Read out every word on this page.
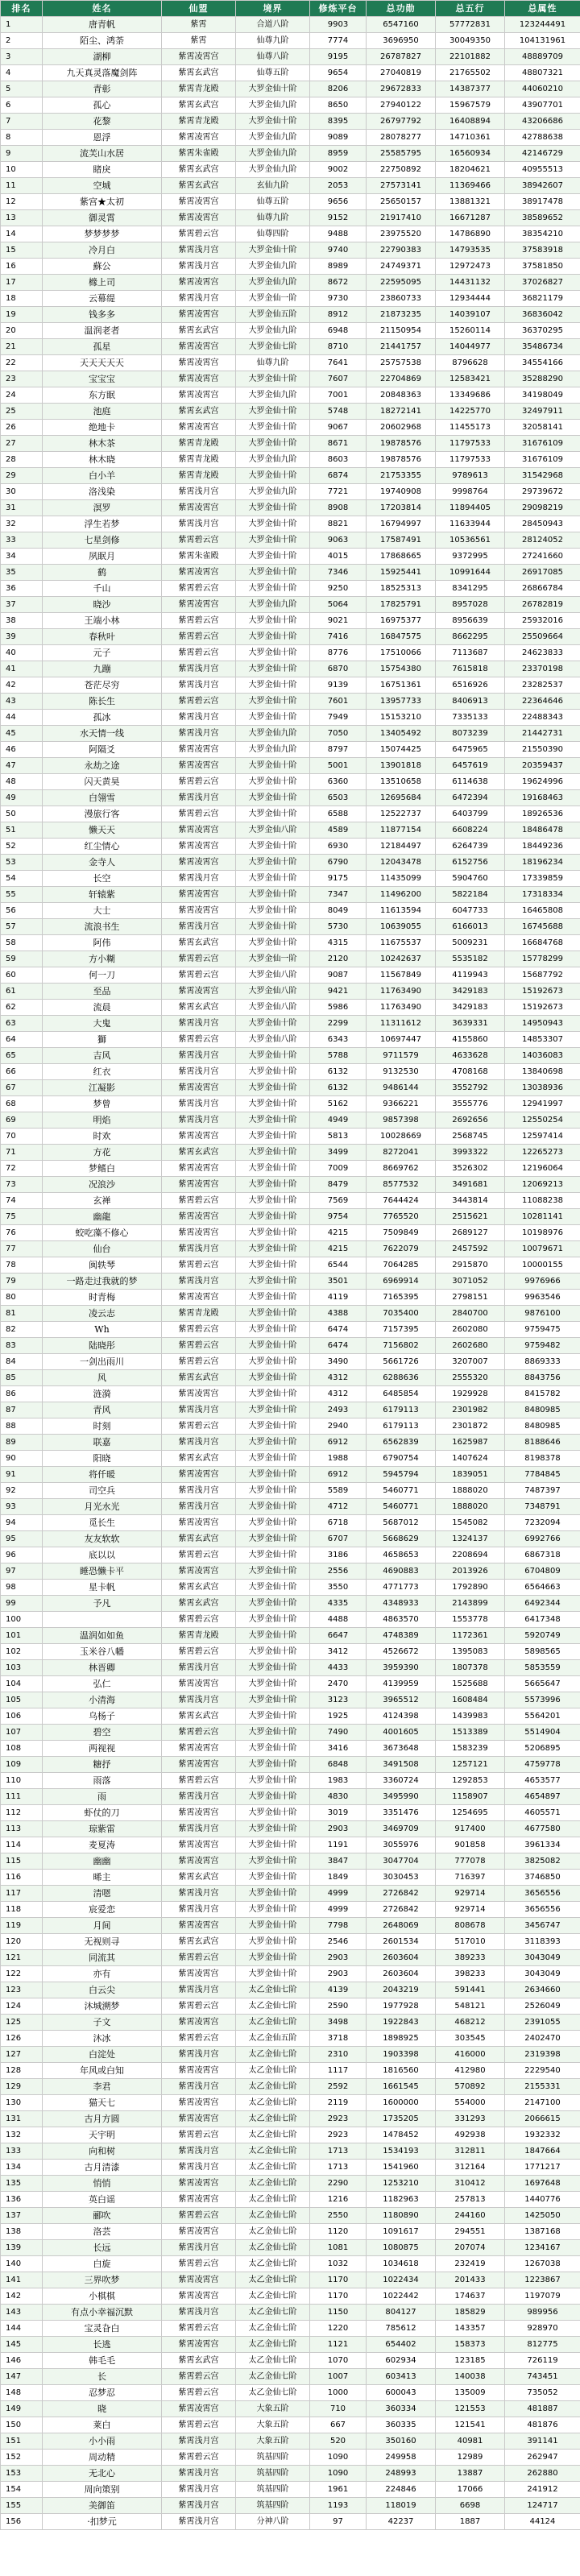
排名	姓名	仙盟	境界	修炼平台	总功勋	总五行	总属性
1	唐青帆	紫霄	合道八阶	9903	6547160	57772831	123244491
2	陌尘、鸿荼	紫霄	仙尊九阶	7774	3696950	30049350	104131961
3	湖柳	紫霄凌霄宫	仙尊八阶	9195	26787827	22101882	48889709
4	九天真灵落魔剑阵	紫霄玄武宫	仙尊五阶	9654	27040819	21765502	48807321
5	青彰	紫霄青龙殿	大罗金仙十阶	8206	29672833	14387377	44060210
6	孤心	紫霄玄武宫	大罗金仙九阶	8650	27940122	15967579	43907701
7	花黎	紫霄青龙殿	大罗金仙十阶	8395	26797792	16408894	43206686
8	恩浮	紫霄凌霄宫	大罗金仙九阶	9089	28078277	14710361	42788638
9	流芙山水居	紫霄朱雀殿	大罗金仙九阶	8959	25585795	16560934	42146729
10	睹戾	紫霄玄武宫	大罗金仙九阶	9002	22750892	18204621	40955513
11	空城	紫霄玄武宫	玄仙九阶	2053	27573141	11369466	38942607
12	紫宫★太初	紫霄凌霄宫	仙尊五阶	9656	25650157	13881321	38917478
13	御灵霄	紫霄凌霄宫	仙尊九阶	9152	21917410	16671287	38589652
14	梦梦梦梦	紫霄碧云宫	仙尊四阶	9488	23975520	14786890	38354210
15	冷月白	紫霄浅月宫	大罗金仙十阶	9740	22790383	14793535	37583918
16	蘇公	紫霄浅月宫	大罗金仙九阶	8989	24749371	12972473	37581850
17	橼上司	紫霄凌霄宫	大罗金仙九阶	8672	22595095	14431132	37026827
18	云幕缇	紫霄浅月宫	大罗金仙一阶	9730	23860733	12934444	36821179
19	钱多多	紫霄凌霄宫	大罗金仙五阶	8912	21873235	14039107	36836042
20	温润老者	紫霄玄武宫	大罗金仙九阶	6948	21150954	15260114	36370295
21	孤星	紫霄凌霄宫	大罗金仙七阶	8710	21441757	14044977	35486734
22	天天天天天	紫霄凌霄宫	仙尊九阶	7641	25757538	8796628	34554166
23	宝宝宝	紫霄凌霄宫	大罗金仙十阶	7607	22704869	12583421	35288290
24	东方眠	紫霄凌霄宫	大罗金仙九阶	7001	20848363	13349686	34198049
25	池庭	紫霄玄武宫	大罗金仙十阶	5748	18272141	14225770	32497911
26	绝地卡	紫霄凌霄宫	大罗金仙十阶	9067	20602968	11455173	32058141
27	林木茶	紫霄青龙殿	大罗金仙十阶	8671	19878576	11797533	31676109
28	林木晓	紫霄青龙殿	大罗金仙九阶	8603	19878576	11797533	31676109
29	白小羊	紫霄青龙殿	大罗金仙十阶	6874	21753355	9789613	31542968
30	洛浅染	紫霄浅月宫	大罗金仙九阶	7721	19740908	9998764	29739672
31	溟罗	紫霄凌霄宫	大罗金仙十阶	8908	17203814	11894405	29098219
32	浮生若梦	紫霄浅月宫	大罗金仙十阶	8821	16794997	11633944	28450943
33	七星剑修	紫霄碧云宫	大罗金仙十阶	9063	17587491	10536561	28124052
34	夙眠月	紫霄朱雀殿	大罗金仙十阶	4015	17868665	9372995	27241660
35	鹤	紫霄凌霄宫	大罗金仙十阶	7346	15925441	10991644	26917085
36	千山	紫霄碧云宫	大罗金仙十阶	9250	18525313	8341295	26866784
37	晓沙	紫霄凌霄宫	大罗金仙九阶	5064	17825791	8957028	26782819
38	王端小林	紫霄碧云宫	大罗金仙十阶	9021	16975377	8956639	25932016
39	春秋叶	紫霄碧云宫	大罗金仙十阶	7416	16847575	8662295	25509664
40	元子	紫霄碧云宫	大罗金仙十阶	8776	17510066	7113687	24623833
41	九蹦	紫霄浅月宫	大罗金仙十阶	6870	15754380	7615818	23370198
42	苍茫尽穷	紫霄浅月宫	大罗金仙十阶	9139	16751361	6516926	23282537
43	陈长生	紫霄碧云宫	大罗金仙十阶	7601	13957733	8406913	22364646
44	孤冰	紫霄浅月宫	大罗金仙十阶	7949	15153210	7335133	22488343
45	水天情一线	紫霄浅月宫	大罗金仙九阶	7050	13405492	8073239	21442731
46	阿隔爻	紫霄凌霄宫	大罗金仙九阶	8797	15074425	6475965	21550390
47	永劫之途	紫霄凌霄宫	大罗金仙十阶	5001	13901818	6457619	20359437
48	闪天黄昊	紫霄碧云宫	大罗金仙十阶	6360	13510658	6114638	19624996
49	白翎雪	紫霄浅月宫	大罗金仙十阶	6503	12695684	6472394	19168463
50	漫旅行客	紫霄碧云宫	大罗金仙十阶	6588	12522737	6403799	18926536
51	懒天天	紫霄凌霄宫	大罗金仙八阶	4589	11877154	6608224	18486478
52	红尘情心	紫霄凌霄宫	大罗金仙十阶	6930	12184497	6264739	18449236
53	金寺人	紫霄凌霄宫	大罗金仙十阶	6790	12043478	6152756	18196234
54	长空	紫霄浅月宫	大罗金仙十阶	9175	11435099	5904760	17339859
55	轩辕紫	紫霄凌霄宫	大罗金仙十阶	7347	11496200	5822184	17318334
56	大士	紫霄凌霄宫	大罗金仙十阶	8049	11613594	6047733	16465808
57	流浪书生	紫霄浅月宫	大罗金仙十阶	5730	10639055	6166013	16745688
58	阿伟	紫霄玄武宫	大罗金仙十阶	4315	11675537	5009231	16684768
59	方小糊	紫霄碧云宫	大罗金仙一阶	2120	10242637	5535182	15778299
60	何一刀	紫霄碧云宫	大罗金仙八阶	9087	11567849	4119943	15687792
61	至品	紫霄凌霄宫	大罗金仙八阶	9421	11763490	3429183	15192673
62	流晨	紫霄玄武宫	大罗金仙八阶	5986	11763490	3429183	15192673
63	大鬼	紫霄浅月宫	大罗金仙十阶	2299	11311612	3639331	14950943
64	獅	紫霄碧云宫	大罗金仙八阶	6343	10697447	4155860	14853307
65	吉风	紫霄浅月宫	大罗金仙十阶	5788	9711579	4633628	14036083
66	红衣	紫霄浅月宫	大罗金仙十阶	6132	9132530	4708168	13840698
67	江凝影	紫霄凌霄宫	大罗金仙十阶	6132	9486144	3552792	13038936
68	梦曾	紫霄浅月宫	大罗金仙十阶	5162	9366221	3555776	12941997
69	明焰	紫霄浅月宫	大罗金仙十阶	4949	9857398	2692656	12550254
70	时欢	紫霄凌霄宫	大罗金仙十阶	5813	10028669	2568745	12597414
71	方花	紫霄玄武宫	大罗金仙十阶	3499	8272041	3993322	12265273
72	梦鳍白	紫霄凌霄宫	大罗金仙十阶	7009	8669762	3526302	12196064
73	况浪沙	紫霄凌霄宫	大罗金仙十阶	8479	8577532	3491681	12069213
74	玄禅	紫霄碧云宫	大罗金仙十阶	7569	7644424	3443814	11088238
75	幽龍	紫霄凌霄宫	大罗金仙十阶	9754	7765520	2515621	10281141
76	蛟吃藻不修心	紫霄凌霄宫	大罗金仙十阶	4215	7509849	2689127	10198976
77	仙台	紫霄浅月宫	大罗金仙十阶	4215	7622079	2457592	10079671
78	闽轶琴	紫霄碧云宫	大罗金仙十阶	6544	7064285	2915870	10000155
79	一路走过我就的梦	紫霄浅月宫	大罗金仙十阶	3501	6969914	3071052	9976966
80	时青梅	紫霄凌霄宫	大罗金仙十阶	4119	7165395	2798151	9963546
81	凌云志	紫霄青龙殿	大罗金仙十阶	4388	7035400	2840700	9876100
82	Wh	紫霄碧云宫	大罗金仙十阶	6474	7157395	2602080	9759475
83	陆晓彤	紫霄碧云宫	大罗金仙十阶	6474	7156802	2602680	9759482
84	一剑出雨川	紫霄碧云宫	大罗金仙十阶	3490	5661726	3207007	8869333
85	风	紫霄玄武宫	大罗金仙十阶	4312	6288636	2555320	8843756
86	涟漪	紫霄凌霄宫	大罗金仙十阶	4312	6485854	1929928	8415782
87	青风	紫霄浅月宫	大罗金仙十阶	2493	6179113	2301982	8480985
88	时刻	紫霄碧云宫	大罗金仙十阶	2940	6179113	2301872	8480985
89	联嘉	紫霄浅月宫	大罗金仙十阶	6912	6562839	1625987	8188646
90	阳晓	紫霄玄武宫	大罗金仙十阶	1988	6790754	1407624	8198378
91	将仟暖	紫霄凌霄宫	大罗金仙十阶	6912	5945794	1839051	7784845
92	司空兵	紫霄浅月宫	大罗金仙十阶	5589	5460771	1888020	7487397
93	月光水光	紫霄浅月宫	大罗金仙十阶	4712	5460771	1888020	7348791
94	觅长生	紫霄凌霄宫	大罗金仙十阶	6718	5687012	1545082	7232094
95	友友软软	紫霄玄武宫	大罗金仙十阶	6707	5668629	1324137	6992766
96	底以以	紫霄碧云宫	大罗金仙十阶	3186	4658653	2208694	6867318
97	睡恐懒卡平	紫霄凌霄宫	大罗金仙十阶	2556	4690883	2013926	6704809
98	星卡帆	紫霄玄武宫	大罗金仙十阶	3550	4771773	1792890	6564663
99	予凡	紫霄玄武宫	大罗金仙十阶	4335	4348933	2143899	6492344
100		紫霄碧云宫	大罗金仙十阶	4488	4863570	1553778	6417348
101	温润如如鱼	紫霄青龙殿	大罗金仙十阶	6647	4748389	1172361	5920749
102	玉米谷八幡	紫霄碧云宫	大罗金仙十阶	3412	4526672	1395083	5898565
103	林晋卿	紫霄浅月宫	大罗金仙十阶	4433	3959390	1807378	5853559
104	弘仁	紫霄凌霄宫	大罗金仙十阶	2470	4139959	1525688	5665647
105	小清海	紫霄浅月宫	大罗金仙十阶	3123	3965512	1608484	5573996
106	乌杨子	紫霄玄武宫	大罗金仙十阶	1925	4124398	1439983	5564201
107	碧空	紫霄碧云宫	大罗金仙十阶	7490	4001605	1513389	5514904
108	两视视	紫霄凌霄宫	大罗金仙十阶	3416	3673648	1583239	5206895
109	糖抒	紫霄凌霄宫	大罗金仙十阶	6848	3491508	1257121	4759778
110	雨落	紫霄碧云宫	大罗金仙十阶	1983	3360724	1292853	4653577
111	雨	紫霄浅月宫	大罗金仙十阶	4830	3495990	1158907	4654897
112	虾仗的刀	紫霄凌霄宫	大罗金仙十阶	3019	3351476	1254695	4605571
113	琼紫雷	紫霄浅月宫	大罗金仙十阶	2903	3469709	917400	4677580
114	麦夏涛	紫霄凌霄宫	大罗金仙十阶	1191	3055976	901858	3961334
115	幽幽	紫霄凌霄宫	大罗金仙十阶	3847	3047704	777078	3825082
116	晞主	紫霄玄武宫	大罗金仙十阶	1849	3030453	716397	3746850
117	清嗯	紫霄浅月宫	大罗金仙十阶	4999	2726842	929714	3656556
118	宸爱恋	紫霄浅月宫	大罗金仙十阶	4999	2726842	929714	3656556
119	月间	紫霄凌霄宫	大罗金仙十阶	7798	2648069	808678	3456747
120	无视则寻	紫霄玄武宫	大罗金仙十阶	2546	2601534	517010	3118393
121	同流其	紫霄碧云宫	大罗金仙十阶	2903	2603604	389233	3043049
122	亦有	紫霄凌霄宫	大罗金仙十阶	2903	2603604	398233	3043049
123	白云尖	紫霄浅月宫	太乙金仙七阶	4139	2043219	591441	2634660
124	沐城溯梦	紫霄碧云宫	太乙金仙七阶	2590	1977928	548121	2526049
125	子文	紫霄凌霄宫	太乙金仙七阶	3498	1922843	468212	2391055
126	沐冰	紫霄碧云宫	太乙金仙五阶	3718	1898925	303545	2402470
127	白淀处	紫霄浅月宫	太乙金仙七阶	2310	1903398	416000	2319398
128	年风或白知	紫霄凌霄宫	太乙金仙七阶	1117	1816560	412980	2229540
129	李君	紫霄浅月宫	太乙金仙七阶	2592	1661545	570892	2155331
130	猫天七	紫霄凌霄宫	太乙金仙七阶	2119	1600000	554000	2147100
131	古月方圆	紫霄凌霄宫	太乙金仙七阶	2923	1735205	331293	2066615
132	天宇明	紫霄碧云宫	太乙金仙七阶	2923	1478452	492938	1932332
133	向和树	紫霄浅月宫	太乙金仙七阶	1713	1534193	312811	1847664
134	古月清漆	紫霄浅月宫	太乙金仙七阶	1713	1541960	312164	1771217
135	悄悄	紫霄凌霄宫	太乙金仙七阶	2290	1253210	310412	1697648
136	英白谣	紫霄凌霄宫	太乙金仙七阶	1216	1182963	257813	1440776
137	郦吹	紫霄碧云宫	太乙金仙七阶	2550	1180890	244160	1425050
138	洛芸	紫霄凌霄宫	太乙金仙七阶	1120	1091617	294551	1387168
139	长远	紫霄浅月宫	太乙金仙七阶	1081	1080875	207074	1234167
140	白旋	紫霄碧云宫	太乙金仙七阶	1032	1034618	232419	1267038
141	三界吹梦	紫霄凌霄宫	太乙金仙七阶	1170	1022434	201433	1223867
142	小棋棋	紫霄凌霄宫	太乙金仙七阶	1170	1022442	174637	1197079
143	有点小幸福沉默	紫霄浅月宫	太乙金仙七阶	1150	804127	185829	989956
144	宝灵旮白	紫霄碧云宫	太乙金仙七阶	1220	785612	143357	928970
145	长逃	紫霄凌霄宫	太乙金仙七阶	1121	654402	158373	812775
146	韩毛毛	紫霄玄武宫	太乙金仙七阶	1070	602934	123185	726119
147	长	紫霄碧云宫	太乙金仙七阶	1007	603413	140038	743451
148	忍梦忍	紫霄碧云宫	太乙金仙七阶	1000	600043	135009	735052
149	晓	紫霄凌霄宫	大象五阶	710	360334	121553	481887
150	莱白	紫霄碧云宫	大象五阶	667	360335	121541	481876
151	小小雨	紫霄浅月宫	大象五阶	520	350160	40981	391141
152	周动精	紫霄碧云宫	筑基四阶	1090	249958	12989	262947
153	无北心	紫霄浅月宫	筑基四阶	1090	248993	13887	262880
154	周向策别	紫霄浅月宫	筑基四阶	1961	224846	17066	241912
155	美御笛	紫霄浅月宫	筑基四阶	1193	118019	6698	124717
156	·扣梦元	紫霄浅月宫	分神八阶	97	42237	1887	44124
